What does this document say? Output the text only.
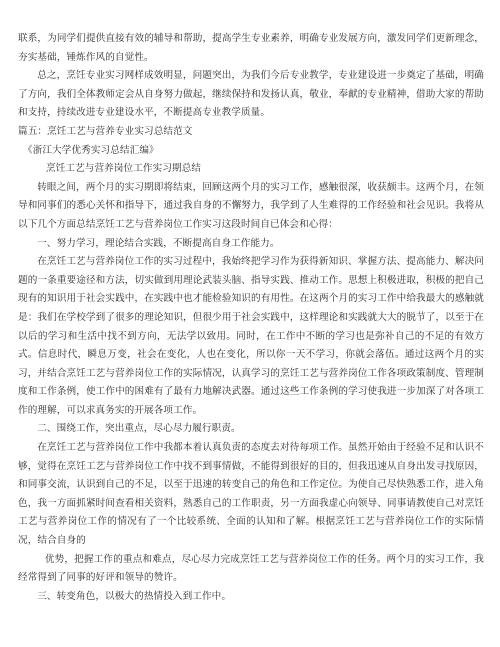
联系，为同学们提供直接有效的辅导和帮助，提高学生专业素养，明确专业发展方向，激发同学们更新理念，夯实基础，锤炼作风的自觉性。

总之，烹饪专业实习网样成效明显，问题突出，为我们今后专业教学，专业建设进一步奠定了基础，明确了方向，我们全体教师定会从自身努力做起，继续保持和发扬认真，敬业，奉献的专业精神，借助大家的帮助和支持，持续改进专业建设水平，不断提高专业教学质量。

篇五：烹饪工艺与营养专业实习总结范文

《浙江大学优秀实习总结汇编》

烹饪工艺与营养岗位工作实习期总结

转眼之间，两个月的实习期即将结束，回顾这两个月的实习工作，感触很深，收获颇丰。这两个月，在领导和同事们的悉心关怀和指导下，通过我自身的不懈努力，我学到了人生难得的工作经验和社会见识。我将从以下几个方面总结烹饪工艺与营养岗位工作实习这段时间自已体会和心得：

一、努力学习，理论结合实践，不断提高自身工作能力。

在烹饪工艺与营养岗位工作的实习过程中，我始终把学习作为获得新知识、掌握方法、提高能力、解决问题的一条重要途径和方法，切实做到用理论武装头脑、指导实践、推动工作。思想上积极进取，积极的把自己现有的知识用于社会实践中，在实践中也才能检验知识的有用性。在这两个月的实习工作中给我最大的感触就是：我们在学校学到了很多的理论知识，但很少用于社会实践中，这样理论和实践就大大的脱节了，以至于在以后的学习和生活中找不到方向，无法学以致用。同时，在工作中不断的学习也是弥补自己的不足的有效方式。信息时代，瞬息万变，社会在变化，人也在变化，所以你一天不学习，你就会落伍。通过这两个月的实习，并结合烹饪工艺与营养岗位工作的实际情况，认真学习的烹饪工艺与营养岗位工作各项政策制度、管理制度和工作条例，使工作中的困难有了最有力地解决武器。通过这些工作条例的学习使我进一步加深了对各项工作的理解，可以求真务实的开展各项工作。

二、围绕工作，突出重点，尽心尽力履行职责。

在烹饪工艺与营养岗位工作中我都本着认真负责的态度去对待每项工作。虽然开始由于经验不足和认识不够，觉得在烹饪工艺与营养岗位工作中找不到事情做，不能得到很好的目的，但我迅速从自身出发寻找原因，和同事交流，认识到自己的不足，以至于迅速的转变自己的角色和工作定位。为使自己尽快熟悉工作，进入角色，我一方面抓紧时间查看相关资料，熟悉自己的工作职责，另一方面我虚心向领导、同事请教使自己对烹饪工艺与营养岗位工作的情况有了一个比较系统、全面的认知和了解。根据烹饪工艺与营养岗位工作的实际情况，结合自身的

优势，把握工作的重点和难点，尽心尽力完成烹饪工艺与营养岗位工作的任务。两个月的实习工作，我经常得到了同事的好评和领导的赞许。

三、转变角色，以极大的热情投入到工作中。
